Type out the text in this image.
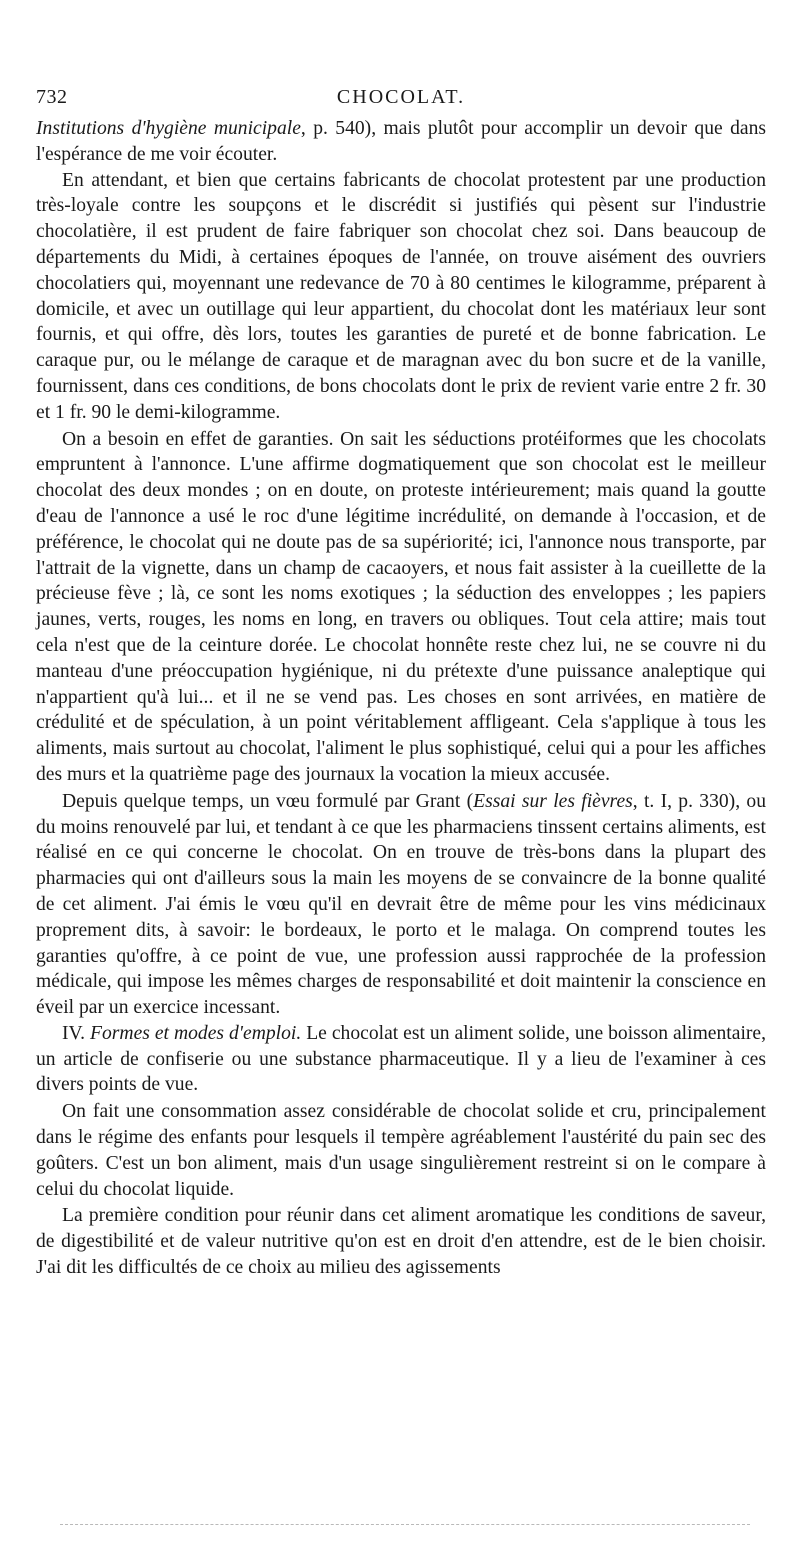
732	CHOCOLAT.

Institutions d'hygiène municipale, p. 540), mais plutôt pour accomplir un devoir que dans l'espérance de me voir écouter.

En attendant, et bien que certains fabricants de chocolat protestent par une production très-loyale contre les soupçons et le discrédit si justifiés qui pèsent sur l'industrie chocolatière, il est prudent de faire fabriquer son chocolat chez soi. Dans beaucoup de départements du Midi, à certaines époques de l'année, on trouve aisément des ouvriers chocolatiers qui, moyennant une redevance de 70 à 80 centimes le kilogramme, préparent à domicile, et avec un outillage qui leur appartient, du chocolat dont les matériaux leur sont fournis, et qui offre, dès lors, toutes les garanties de pureté et de bonne fabrication. Le caraque pur, ou le mélange de caraque et de maragnan avec du bon sucre et de la vanille, fournissent, dans ces conditions, de bons chocolats dont le prix de revient varie entre 2 fr. 30 et 1 fr. 90 le demi-kilogramme.

On a besoin en effet de garanties. On sait les séductions protéiformes que les chocolats empruntent à l'annonce. L'une affirme dogmatiquement que son chocolat est le meilleur chocolat des deux mondes ; on en doute, on proteste intérieurement; mais quand la goutte d'eau de l'annonce a usé le roc d'une légitime incrédulité, on demande à l'occasion, et de préférence, le chocolat qui ne doute pas de sa supériorité; ici, l'annonce nous transporte, par l'attrait de la vignette, dans un champ de cacaoyers, et nous fait assister à la cueillette de la précieuse fève ; là, ce sont les noms exotiques ; la séduction des enveloppes ; les papiers jaunes, verts, rouges, les noms en long, en travers ou obliques. Tout cela attire; mais tout cela n'est que de la ceinture dorée. Le chocolat honnête reste chez lui, ne se couvre ni du manteau d'une préoccupation hygiénique, ni du prétexte d'une puissance analeptique qui n'appartient qu'à lui... et il ne se vend pas. Les choses en sont arrivées, en matière de crédulité et de spéculation, à un point véritablement affligeant. Cela s'applique à tous les aliments, mais surtout au chocolat, l'aliment le plus sophistiqué, celui qui a pour les affiches des murs et la quatrième page des journaux la vocation la mieux accusée.

Depuis quelque temps, un vœu formulé par Grant (Essai sur les fièvres, t. I, p. 330), ou du moins renouvelé par lui, et tendant à ce que les pharmaciens tinssent certains aliments, est réalisé en ce qui concerne le chocolat. On en trouve de très-bons dans la plupart des pharmacies qui ont d'ailleurs sous la main les moyens de se convaincre de la bonne qualité de cet aliment. J'ai émis le vœu qu'il en devrait être de même pour les vins médicinaux proprement dits, à savoir: le bordeaux, le porto et le malaga. On comprend toutes les garanties qu'offre, à ce point de vue, une profession aussi rapprochée de la profession médicale, qui impose les mêmes charges de responsabilité et doit maintenir la conscience en éveil par un exercice incessant.

IV. Formes et modes d'emploi. Le chocolat est un aliment solide, une boisson alimentaire, un article de confiserie ou une substance pharmaceutique. Il y a lieu de l'examiner à ces divers points de vue.

On fait une consommation assez considérable de chocolat solide et cru, principalement dans le régime des enfants pour lesquels il tempère agréablement l'austérité du pain sec des goûters. C'est un bon aliment, mais d'un usage singulièrement restreint si on le compare à celui du chocolat liquide.

La première condition pour réunir dans cet aliment aromatique les conditions de saveur, de digestibilité et de valeur nutritive qu'on est en droit d'en attendre, est de le bien choisir. J'ai dit les difficultés de ce choix au milieu des agissements
